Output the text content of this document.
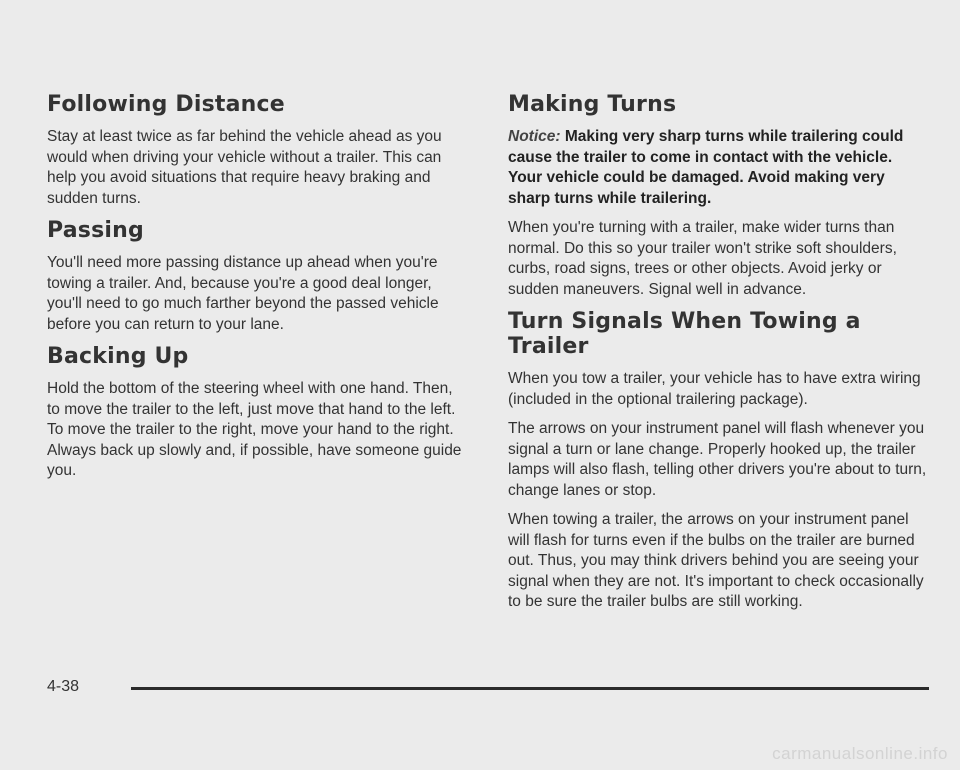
Following Distance

Stay at least twice as far behind the vehicle ahead as you would when driving your vehicle without a trailer. This can help you avoid situations that require heavy braking and sudden turns.

Passing

You'll need more passing distance up ahead when you're towing a trailer. And, because you're a good deal longer, you'll need to go much farther beyond the passed vehicle before you can return to your lane.

Backing Up

Hold the bottom of the steering wheel with one hand. Then, to move the trailer to the left, just move that hand to the left. To move the trailer to the right, move your hand to the right. Always back up slowly and, if possible, have someone guide you.

Making Turns

Notice: Making very sharp turns while trailering could cause the trailer to come in contact with the vehicle. Your vehicle could be damaged. Avoid making very sharp turns while trailering.

When you're turning with a trailer, make wider turns than normal. Do this so your trailer won't strike soft shoulders, curbs, road signs, trees or other objects. Avoid jerky or sudden maneuvers. Signal well in advance.

Turn Signals When Towing a Trailer

When you tow a trailer, your vehicle has to have extra wiring (included in the optional trailering package).

The arrows on your instrument panel will flash whenever you signal a turn or lane change. Properly hooked up, the trailer lamps will also flash, telling other drivers you're about to turn, change lanes or stop.

When towing a trailer, the arrows on your instrument panel will flash for turns even if the bulbs on the trailer are burned out. Thus, you may think drivers behind you are seeing your signal when they are not. It's important to check occasionally to be sure the trailer bulbs are still working.

4-38
carmanualsonline.info
